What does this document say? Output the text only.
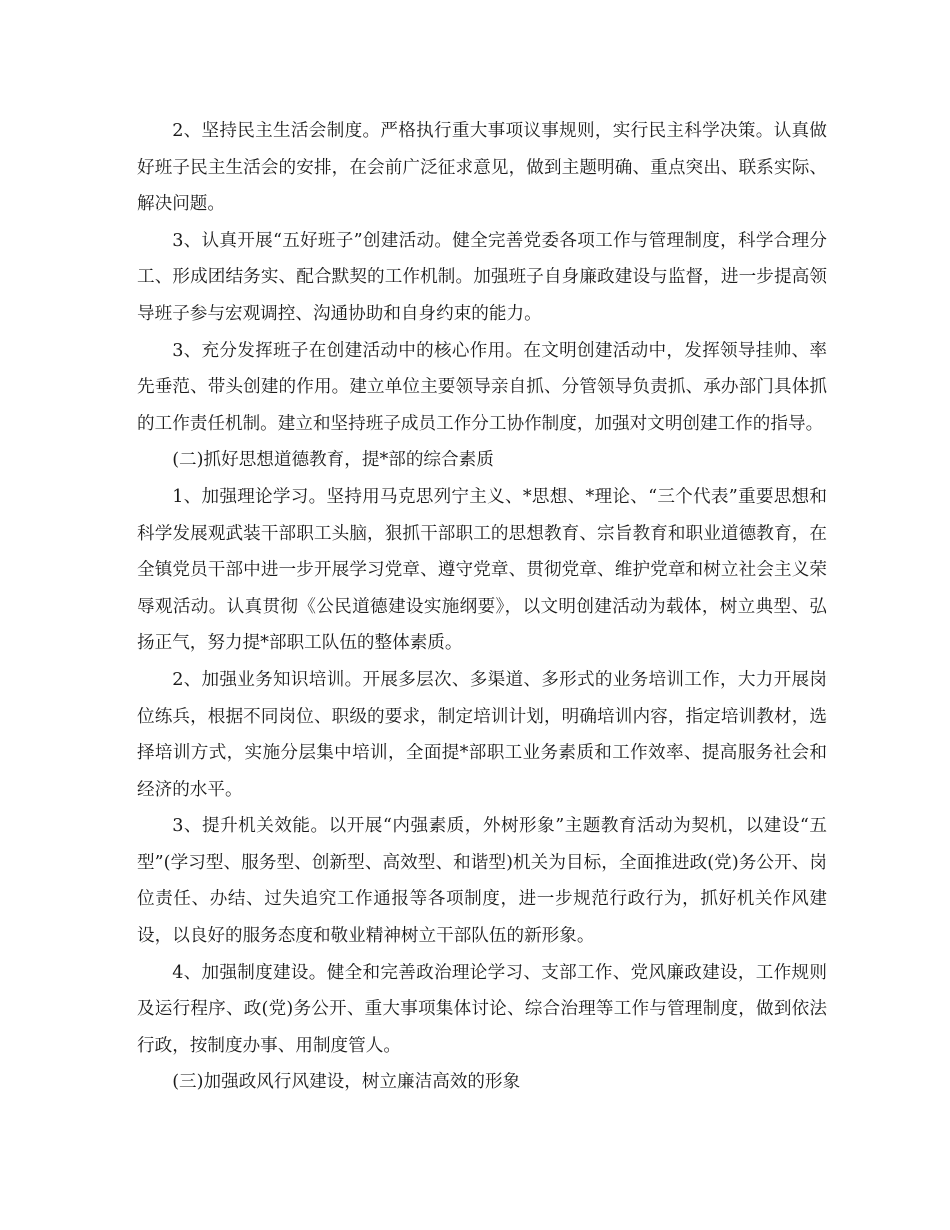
2、坚持民主生活会制度。严格执行重大事项议事规则，实行民主科学决策。认真做好班子民主生活会的安排，在会前广泛征求意见，做到主题明确、重点突出、联系实际、解决问题。

3、认真开展“五好班子”创建活动。健全完善党委各项工作与管理制度，科学合理分工、形成团结务实、配合默契的工作机制。加强班子自身廉政建设与监督，进一步提高领导班子参与宏观调控、沟通协助和自身约束的能力。

3、充分发挥班子在创建活动中的核心作用。在文明创建活动中，发挥领导挂帅、率先垂范、带头创建的作用。建立单位主要领导亲自抓、分管领导负责抓、承办部门具体抓的工作责任机制。建立和坚持班子成员工作分工协作制度，加强对文明创建工作的指导。

(二)抓好思想道德教育，提*部的综合素质

1、加强理论学习。坚持用马克思列宁主义、*思想、*理论、“三个代表”重要思想和科学发展观武装干部职工头脑，狠抓干部职工的思想教育、宗旨教育和职业道德教育，在全镇党员干部中进一步开展学习党章、遵守党章、贯彻党章、维护党章和树立社会主义荣辱观活动。认真贯彻《公民道德建设实施纲要》，以文明创建活动为载体，树立典型、弘扬正气，努力提*部职工队伍的整体素质。

2、加强业务知识培训。开展多层次、多渠道、多形式的业务培训工作，大力开展岗位练兵，根据不同岗位、职级的要求，制定培训计划，明确培训内容，指定培训教材，选择培训方式，实施分层集中培训，全面提*部职工业务素质和工作效率、提高服务社会和经济的水平。

3、提升机关效能。以开展“内强素质，外树形象”主题教育活动为契机，以建设“五型”(学习型、服务型、创新型、高效型、和谐型)机关为目标，全面推进政(党)务公开、岗位责任、办结、过失追究工作通报等各项制度，进一步规范行政行为，抓好机关作风建设，以良好的服务态度和敬业精神树立干部队伍的新形象。

4、加强制度建设。健全和完善政治理论学习、支部工作、党风廉政建设，工作规则及运行程序、政(党)务公开、重大事项集体讨论、综合治理等工作与管理制度，做到依法行政，按制度办事、用制度管人。

(三)加强政风行风建设，树立廉洁高效的形象
